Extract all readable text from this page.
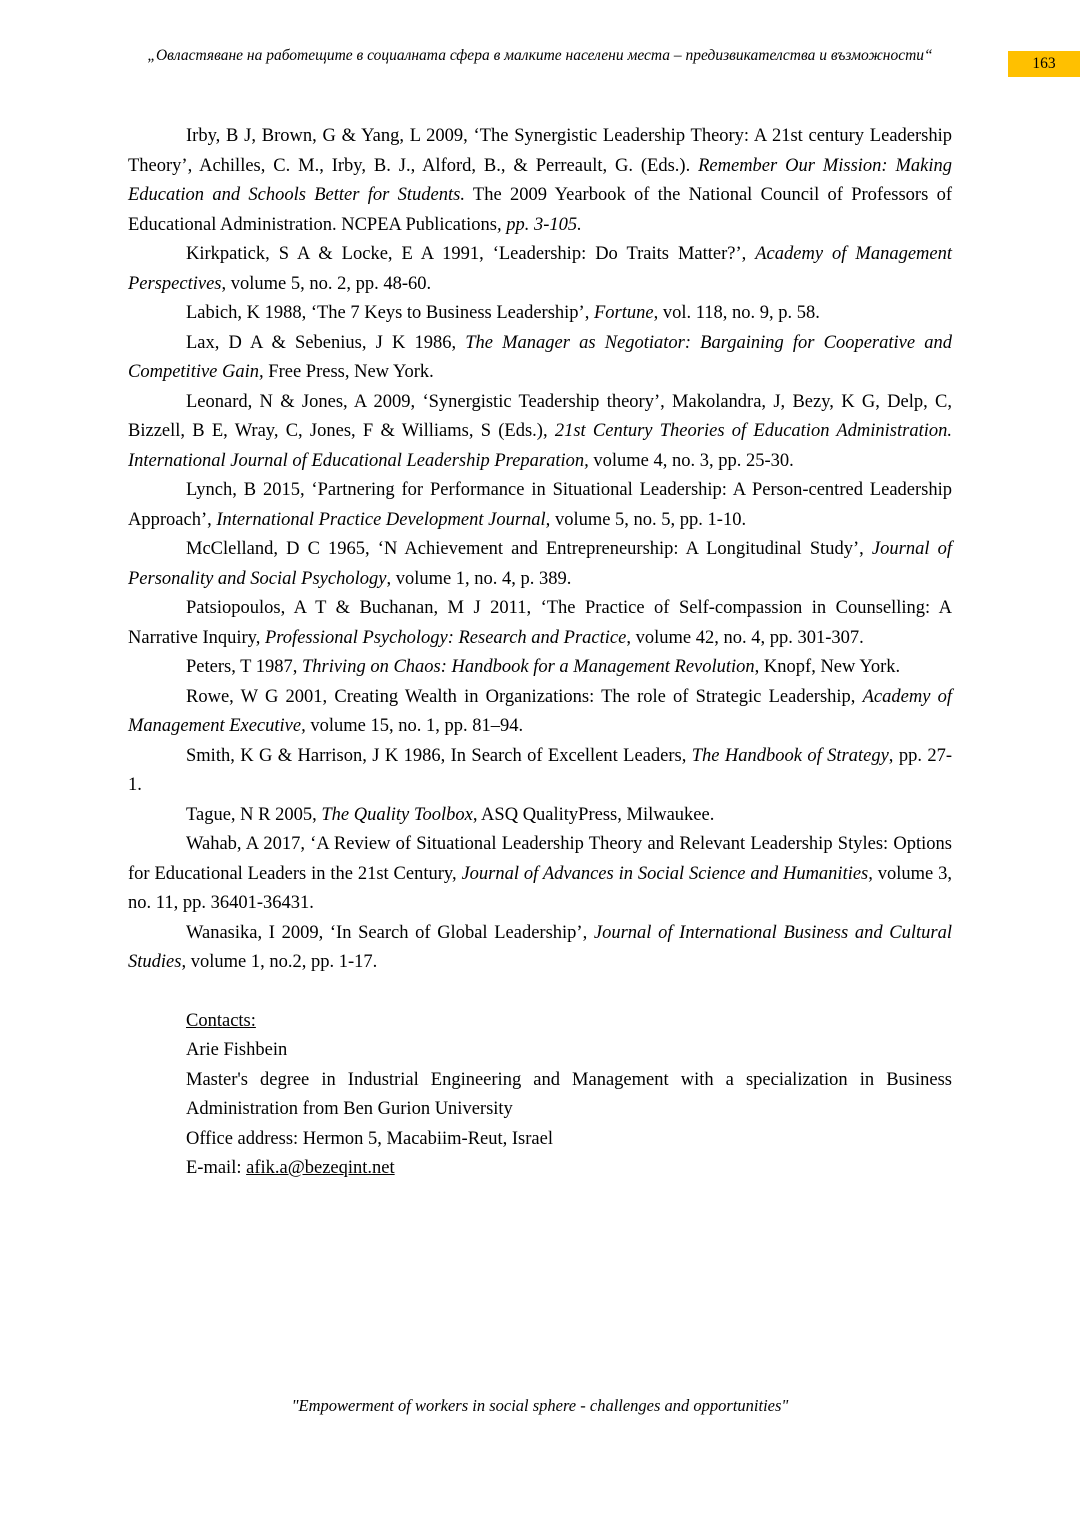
„Овластяване на работещите в социалната сфера в малките населени места – предизвикателства и възможности“	163

Irby, B J, Brown, G & Yang, L 2009, ‘The Synergistic Leadership Theory: A 21st century Leadership Theory’, Achilles, C. M., Irby, B. J., Alford, B., & Perreault, G. (Eds.). Remember Our Mission: Making Education and Schools Better for Students. The 2009 Yearbook of the National Council of Professors of Educational Administration. NCPEA Publications, pp. 3-105.

Kirkpatick, S A & Locke, E A 1991, ‘Leadership: Do Traits Matter?’, Academy of Management Perspectives, volume 5, no. 2, pp. 48-60.

Labich, K 1988, ‘The 7 Keys to Business Leadership’, Fortune, vol. 118, no. 9, p. 58.

Lax, D A & Sebenius, J K 1986, The Manager as Negotiator: Bargaining for Cooperative and Competitive Gain, Free Press, New York.

Leonard, N & Jones, A 2009, ‘Synergistic Teadership theory’, Makolandra, J, Bezy, K G, Delp, C, Bizzell, B E, Wray, C, Jones, F & Williams, S (Eds.), 21st Century Theories of Education Administration. International Journal of Educational Leadership Preparation, volume 4, no. 3, pp. 25-30.

Lynch, B 2015, ‘Partnering for Performance in Situational Leadership: A Person-centred Leadership Approach’, International Practice Development Journal, volume 5, no. 5, pp. 1-10.

McClelland, D C 1965, ‘N Achievement and Entrepreneurship: A Longitudinal Study’, Journal of Personality and Social Psychology, volume 1, no. 4, p. 389.

Patsiopoulos, A T & Buchanan, M J 2011, ‘The Practice of Self-compassion in Counselling: A Narrative Inquiry, Professional Psychology: Research and Practice, volume 42, no. 4, pp. 301-307.

Peters, T 1987, Thriving on Chaos: Handbook for a Management Revolution, Knopf, New York.

Rowe, W G 2001, Creating Wealth in Organizations: The role of Strategic Leadership, Academy of Management Executive, volume 15, no. 1, pp. 81–94.

Smith, K G & Harrison, J K 1986, In Search of Excellent Leaders, The Handbook of Strategy, pp. 27-1.

Tague, N R 2005, The Quality Toolbox, ASQ QualityPress, Milwaukee.

Wahab, A 2017, ‘A Review of Situational Leadership Theory and Relevant Leadership Styles: Options for Educational Leaders in the 21st Century, Journal of Advances in Social Science and Humanities, volume 3, no. 11, pp. 36401-36431.

Wanasika, I 2009, ‘In Search of Global Leadership’, Journal of International Business and Cultural Studies, volume 1, no.2, pp. 1-17.

Contacts:
Arie Fishbein
Master's degree in Industrial Engineering and Management with a specialization in Business Administration from Ben Gurion University
Office address: Hermon 5, Macabiim-Reut, Israel
E-mail: afik.a@bezeqint.net
"Empowerment of workers in social sphere - challenges and opportunities"
